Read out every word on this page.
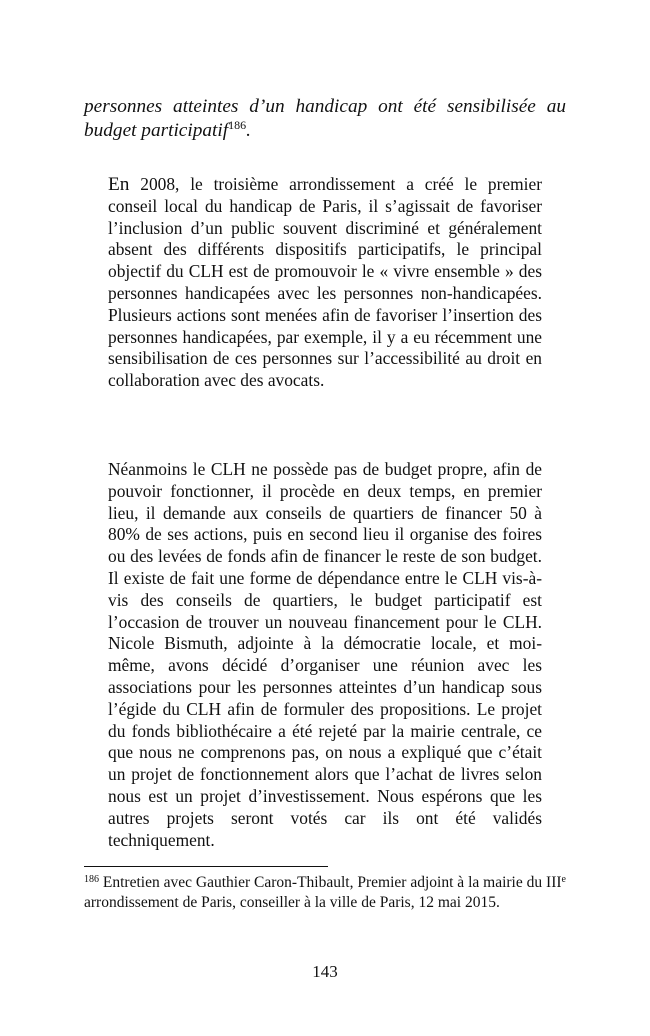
personnes atteintes d’un handicap ont été sensibilisée au budget participatif$^{186}$.

En 2008, le troisième arrondissement a créé le premier conseil local du handicap de Paris, il s’agissait de favoriser l’inclusion d’un public souvent discriminé et généralement absent des différents dispositifs participatifs, le principal objectif du CLH est de promouvoir le « vivre ensemble » des personnes handicapées avec les personnes non-handicapées. Plusieurs actions sont menées afin de favoriser l’insertion des personnes handicapées, par exemple, il y a eu récemment une sensibilisation de ces personnes sur l’accessibilité au droit en collaboration avec des avocats.

Néanmoins le CLH ne possède pas de budget propre, afin de pouvoir fonctionner, il procède en deux temps, en premier lieu, il demande aux conseils de quartiers de financer 50 à 80% de ses actions, puis en second lieu il organise des foires ou des levées de fonds afin de financer le reste de son budget. Il existe de fait une forme de dépendance entre le CLH vis-à-vis des conseils de quartiers, le budget participatif est l’occasion de trouver un nouveau financement pour le CLH. Nicole Bismuth, adjointe à la démocratie locale, et moi-même, avons décidé d’organiser une réunion avec les associations pour les personnes atteintes d’un handicap sous l’égide du CLH afin de formuler des propositions. Le projet du fonds bibliothécaire a été rejeté par la mairie centrale, ce que nous ne comprenons pas, on nous a expliqué que c’était un projet de fonctionnement alors que l’achat de livres selon nous est un projet d’investissement. Nous espérons que les autres projets seront votés car ils ont été validés techniquement.

$^{186}$ Entretien avec Gauthier Caron-Thibault, Premier adjoint à la mairie du IIIe arrondissement de Paris, conseiller à la ville de Paris, 12 mai 2015.

143
